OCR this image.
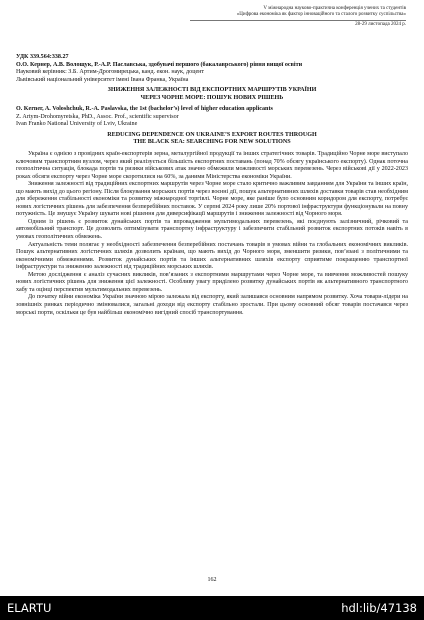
V міжнародна науково-практична конференція учених та студентів
«Цифрова економіка як фактор інноваційного та сталого розвитку суспільства»
28-29 листопада 2024 р.
УДК 339.564:338.27
О.О. Кернер, А.В. Волощук, Р.-А.Р. Паславська, здобувачі першого (бакалаврського) рівня вищої освіти
Науковий керівник: З.Б. Артим-Дрогомирецька, канд. екон. наук, доцент
Львівський національний університет імені Івана Франка, Україна
ЗНИЖЕННЯ ЗАЛЕЖНОСТІ ВІД ЕКСПОРТНИХ МАРШРУТІВ УКРАЇНИ
ЧЕРЕЗ ЧОРНЕ МОРЕ: ПОШУК НОВИХ РІШЕНЬ
O. Kerner, A. Voloshchuk, R.-A. Paslavska, the 1st (bachelor’s) level of higher education applicants
Z. Artym-Drohomyretska, PhD., Assoc. Prof., scientific supervisor
Ivan Franko National University of Lviv, Ukraine
REDUCING DEPENDENCE ON UKRAINE’S EXPORT ROUTES THROUGH
THE BLACK SEA: SEARCHING FOR NEW SOLUTIONS

Україна є однією з провідних країн-експортерів зерна, металургійної продукції та інших стратегічних товарів. Традиційно Чорне море виступало ключовим транспортним вузлом, через який реалізується більшість експортних поставань (понад 70% обсягу українського експорту). Однак поточна геополітична ситуація, блокада портів та ризики військових атак значно обмежили можливості морських перевезень. Через військові дії у 2022-2023 роках обсяги експорту через Чорне море скоротилися на 60%, за даними Міністерства економіки України.

Зниження залежності від традиційних експортних маршрутів через Чорне море стало критично важливим завданням для України та інших країн, що мають вихід до цього регіону. Після блокування морських портів через воєнні дії, пошук альтернативних шляхів доставки товарів став необхідним для збереження стабільності економіки та розвитку міжнародної торгівлі. Чорне море, яке раніше було основним коридором для експорту, потребує нових логістичних рішень для забезпечення безперебійних поставок. У серпні 2024 року лише 20% портової інфраструктури функціонували на повну потужність. Це змушує Україну шукати нові рішення для диверсифікації маршрутів і зниження залежності від Чорного моря.

Одним із рішень є розвиток дунайських портів та впровадження мультимодальних перевезень, які поєднують залізничний, річковий та автомобільний транспорт. Це дозволить оптимізувати транспортну інфраструктуру і забезпечити стабільний розвиток експортних потоків навіть в умовах геополітичних обмежень.

Актуальність теми полягає у необхідності забезпечення безперебійних постачань товарів в умовах війни та глобальних економічних викликів. Пошук альтернативних логістичних шляхів дозволить країнам, що мають вихід до Чорного моря, зменшити ризики, пов’язані з політичними та економічними обмеженнями. Розвиток дунайських портів та інших альтернативних шляхів експорту сприятиме покращенню транспортної інфраструктури та зниженню залежності від традиційних морських шляхів.

Метою дослідження є аналіз сучасних викликів, пов’язаних з експортними маршрутами через Чорне море, та вивчення можливостей пошуку нових логістичних рішень для зниження цієї залежності. Особливу увагу приділено розвитку дунайських портів як альтернативного транспортного хабу та оцінці перспектив мультимодальних перевезень.

До початку війни економіка України значною мірою залежала від експорту, який залишався основним напрямом розвитку. Хоча товари-лідери на зовнішніх ринках періодично змінювалися, загальні доходи від експорту стабільно зростали. При цьому основний обсяг товарів постачався через морські порти, оскільки це був найбільш економічно вигідний спосіб транспортування.

162
ELARTU	hdl:lib/47138
